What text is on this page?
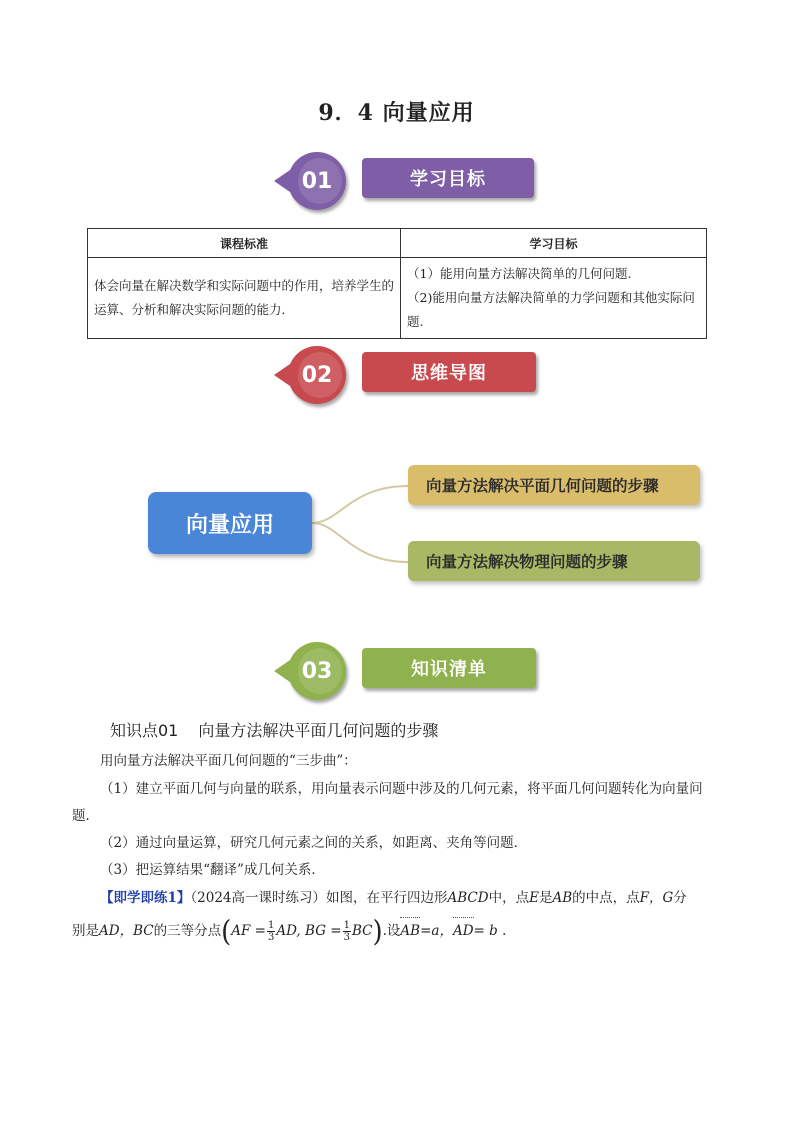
9．4 向量应用
01	学习目标
课程标准	学习目标
体会向量在解决数学和实际问题中的作用，培养学生的运算、分析和解决实际问题的能力．	（1）能用向量方法解决简单的几何问题.
（2)能用向量方法解决简单的力学问题和其他实际问题.
02	思维导图
向量应用
向量方法解决平面几何问题的步骤
向量方法解决物理问题的步骤
03	知识清单
知识点01 向量方法解决平面几何问题的步骤
用向量方法解决平面几何问题的“三步曲”：
（1）建立平面几何与向量的联系，用向量表示问题中涉及的几何元素，将平面几何问题转化为向量问
题．
（2）通过向量运算，研究几何元素之间的关系，如距离、夹角等问题．
（3）把运算结果“翻译”成几何关系．
【即学即练1】（2024高一课时练习）如图，在平行四边形ABCD中，点E是AB的中点，点F，G分
别是AD，BC的三等分点($AF = \frac{1}{3}$ AD, BG = $\frac{1}{3} BC$).设AB=a，AD= b .
